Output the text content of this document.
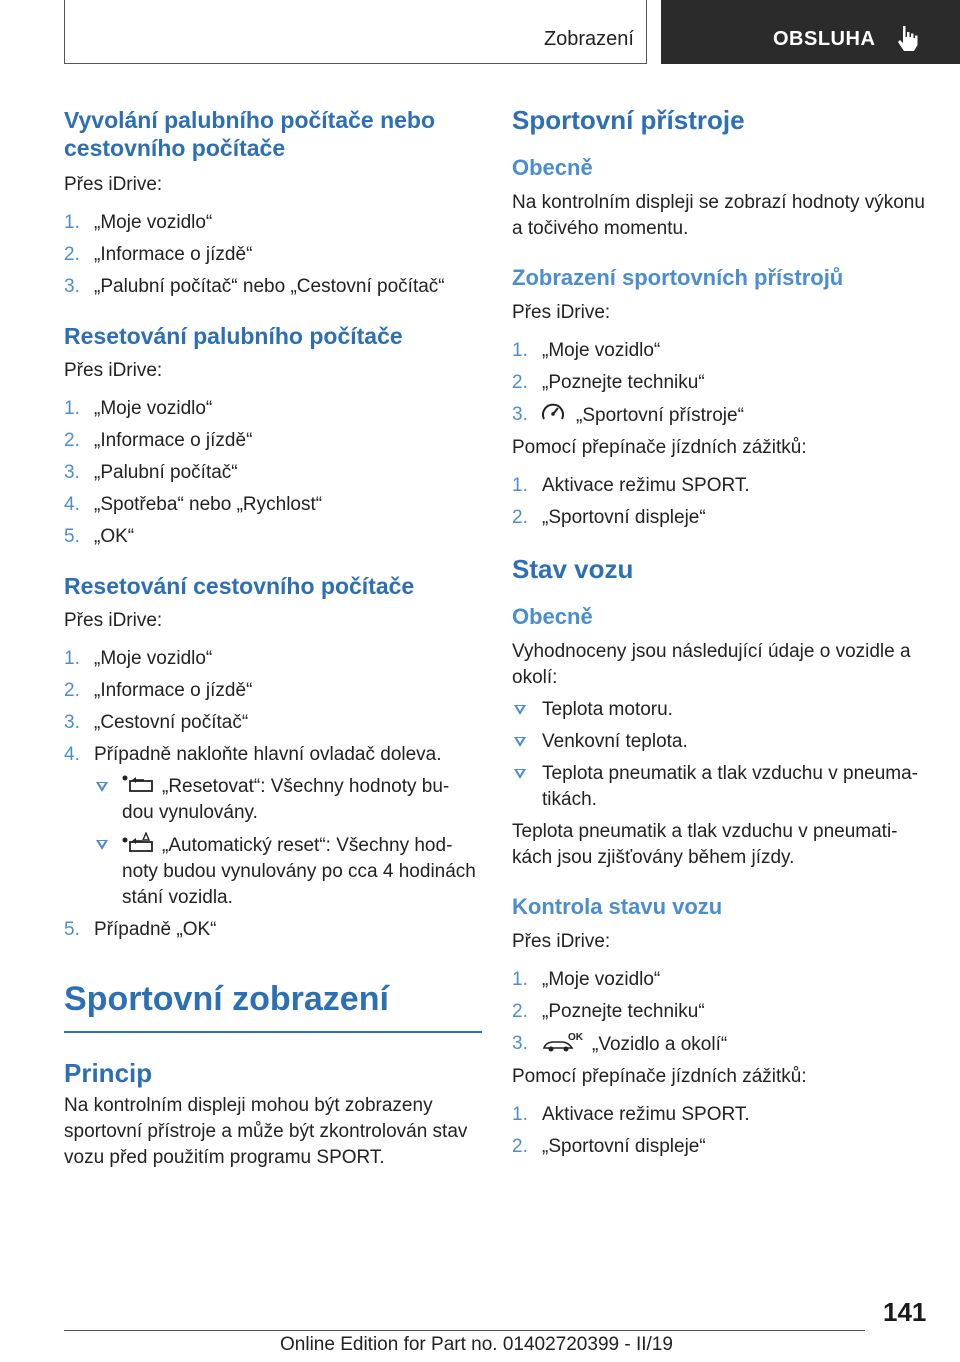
Zobrazení	OBSLUHA
Vyvolání palubního počítače nebo cestovního počítače
Přes iDrive:
1. „Moje vozidlo“
2. „Informace o jízdě“
3. „Palubní počítač“ nebo „Cestovní počítač“
Resetování palubního počítače
Přes iDrive:
1. „Moje vozidlo“
2. „Informace o jízdě“
3. „Palubní počítač“
4. „Spotřeba“ nebo „Rychlost“
5. „OK“
Resetování cestovního počítače
Přes iDrive:
1. „Moje vozidlo“
2. „Informace o jízdě“
3. „Cestovní počítač“
4. Případně nakloňte hlavní ovladač doleva.
„Resetovat“: Všechny hodnoty bu-
dou vynulovány.
„Automatický reset“: Všechny hod-
noty budou vynulovány po cca 4 hodinách
stání vozidla.
5. Případně „OK“
Sportovní zobrazení
Princip
Na kontrolním displeji mohou být zobrazeny
sportovní přístroje a může být zkontrolován stav
vozu před použitím programu SPORT.
Sportovní přístroje
Obecně
Na kontrolním displeji se zobrazí hodnoty výkonu
a točivého momentu.
Zobrazení sportovních přístrojů
Přes iDrive:
1. „Moje vozidlo“
2. „Poznejte techniku“
3.	„Sportovní přístroje“
Pomocí přepínače jízdních zážitků:
1. Aktivace režimu SPORT.
2. „Sportovní displeje“
Stav vozu
Obecně
Vyhodnoceny jsou následující údaje o vozidle a
okolí:
Teplota motoru.
Venkovní teplota.
Teplota pneumatik a tlak vzduchu v pneuma-
tikách.
Teplota pneumatik a tlak vzduchu v pneumati-
kách jsou zjišťovány během jízdy.
Kontrola stavu vozu
Přes iDrive:
1. „Moje vozidlo“
2. „Poznejte techniku“
3.	OK „Vozidlo a okolí“
Pomocí přepínače jízdních zážitků:
1. Aktivace režimu SPORT.
2. „Sportovní displeje“
141
Online Edition for Part no. 01402720399 - II/19
